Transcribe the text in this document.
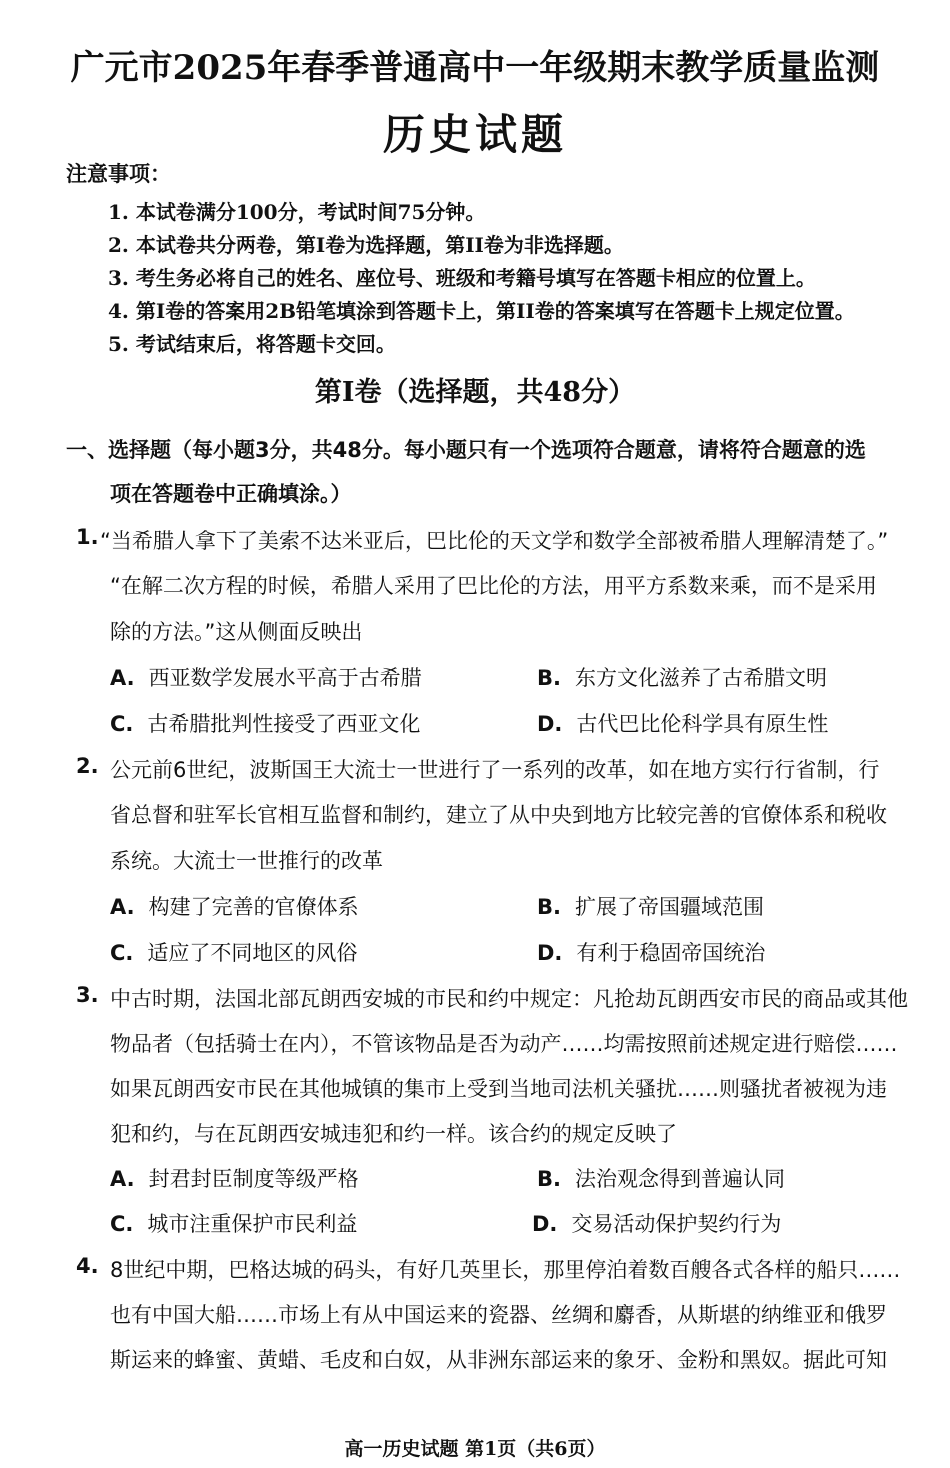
广元市2025年春季普通高中一年级期末教学质量监测
历史试题
注意事项：
1. 本试卷满分100分，考试时间75分钟。
2. 本试卷共分两卷，第I卷为选择题，第II卷为非选择题。
3. 考生务必将自己的姓名、座位号、班级和考籍号填写在答题卡相应的位置上。
4. 第I卷的答案用2B铅笔填涂到答题卡上，第II卷的答案填写在答题卡上规定位置。
5. 考试结束后，将答题卡交回。
第I卷（选择题，共48分）
一、选择题（每小题3分，共48分。每小题只有一个选项符合题意，请将符合题意的选
项在答题卷中正确填涂。）
1. “当希腊人拿下了美索不达米亚后，巴比伦的天文学和数学全部被希腊人理解清楚了。”
“在解二次方程的时候，希腊人采用了巴比伦的方法，用平方系数来乘，而不是采用
除的方法。”这从侧面反映出
A. 西亚数学发展水平高于古希腊	B. 东方文化滋养了古希腊文明
C. 古希腊批判性接受了西亚文化	D. 古代巴比伦科学具有原生性
2. 公元前6世纪，波斯国王大流士一世进行了一系列的改革，如在地方实行行省制，行
省总督和驻军长官相互监督和制约，建立了从中央到地方比较完善的官僚体系和税收
系统。大流士一世推行的改革
A. 构建了完善的官僚体系	B. 扩展了帝国疆域范围
C. 适应了不同地区的风俗	D. 有利于稳固帝国统治
3. 中古时期，法国北部瓦朗西安城的市民和约中规定：凡抢劫瓦朗西安市民的商品或其他
物品者（包括骑士在内），不管该物品是否为动产……均需按照前述规定进行赔偿……
如果瓦朗西安市民在其他城镇的集市上受到当地司法机关骚扰……则骚扰者被视为违
犯和约，与在瓦朗西安城违犯和约一样。该合约的规定反映了
A. 封君封臣制度等级严格	B. 法治观念得到普遍认同
C. 城市注重保护市民利益	D. 交易活动保护契约行为
4. 8世纪中期，巴格达城的码头，有好几英里长，那里停泊着数百艘各式各样的船只……
也有中国大船……市场上有从中国运来的瓷器、丝绸和麝香，从斯堪的纳维亚和俄罗
斯运来的蜂蜜、黄蜡、毛皮和白奴，从非洲东部运来的象牙、金粉和黑奴。据此可知
高一历史试题 第1页（共6页）
